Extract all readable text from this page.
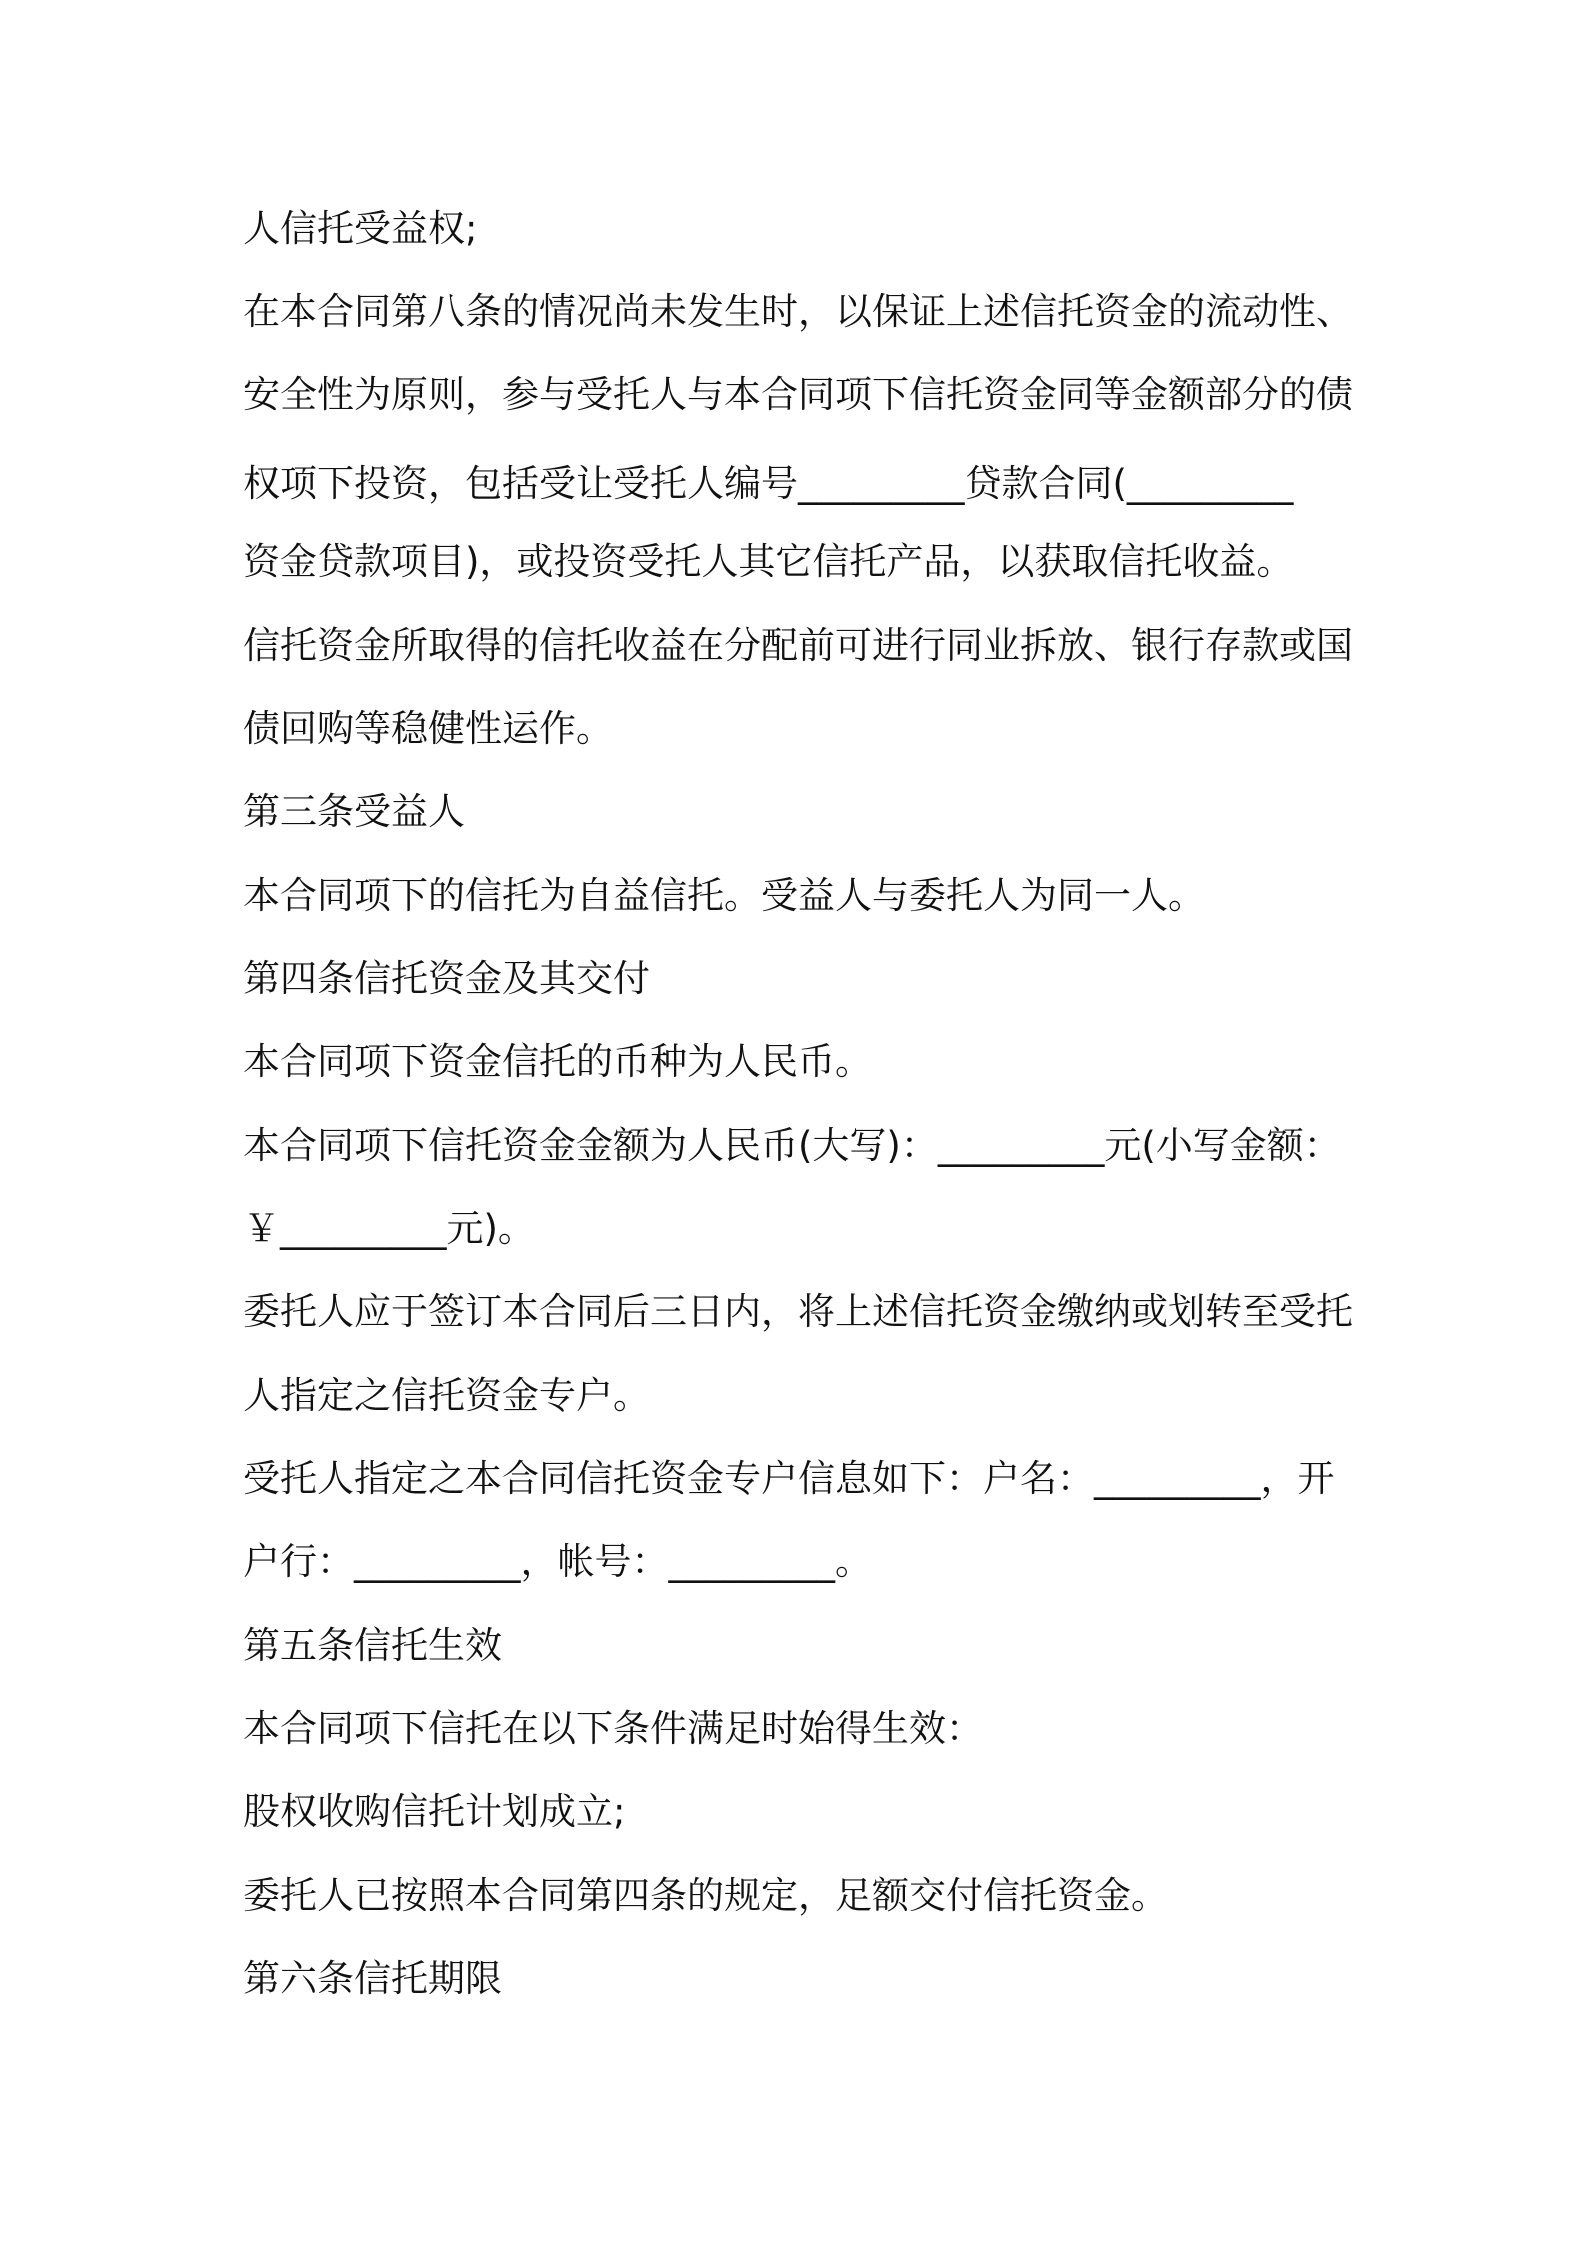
人信托受益权;
在本合同第八条的情况尚未发生时，以保证上述信托资金的流动性、
安全性为原则，参与受托人与本合同项下信托资金同等金额部分的债
权项下投资，包括受让受托人编号_________贷款合同(_________
资金贷款项目)，或投资受托人其它信托产品，以获取信托收益。
信托资金所取得的信托收益在分配前可进行同业拆放、银行存款或国
债回购等稳健性运作。
第三条受益人
本合同项下的信托为自益信托。受益人与委托人为同一人。
第四条信托资金及其交付
本合同项下资金信托的币种为人民币。
本合同项下信托资金金额为人民币(大写)：_________元(小写金额：
￥_________元)。
委托人应于签订本合同后三日内，将上述信托资金缴纳或划转至受托
人指定之信托资金专户。
受托人指定之本合同信托资金专户信息如下：户名：_________，开
户行：_________，帐号：_________。
第五条信托生效
本合同项下信托在以下条件满足时始得生效：
股权收购信托计划成立;
委托人已按照本合同第四条的规定，足额交付信托资金。
第六条信托期限
